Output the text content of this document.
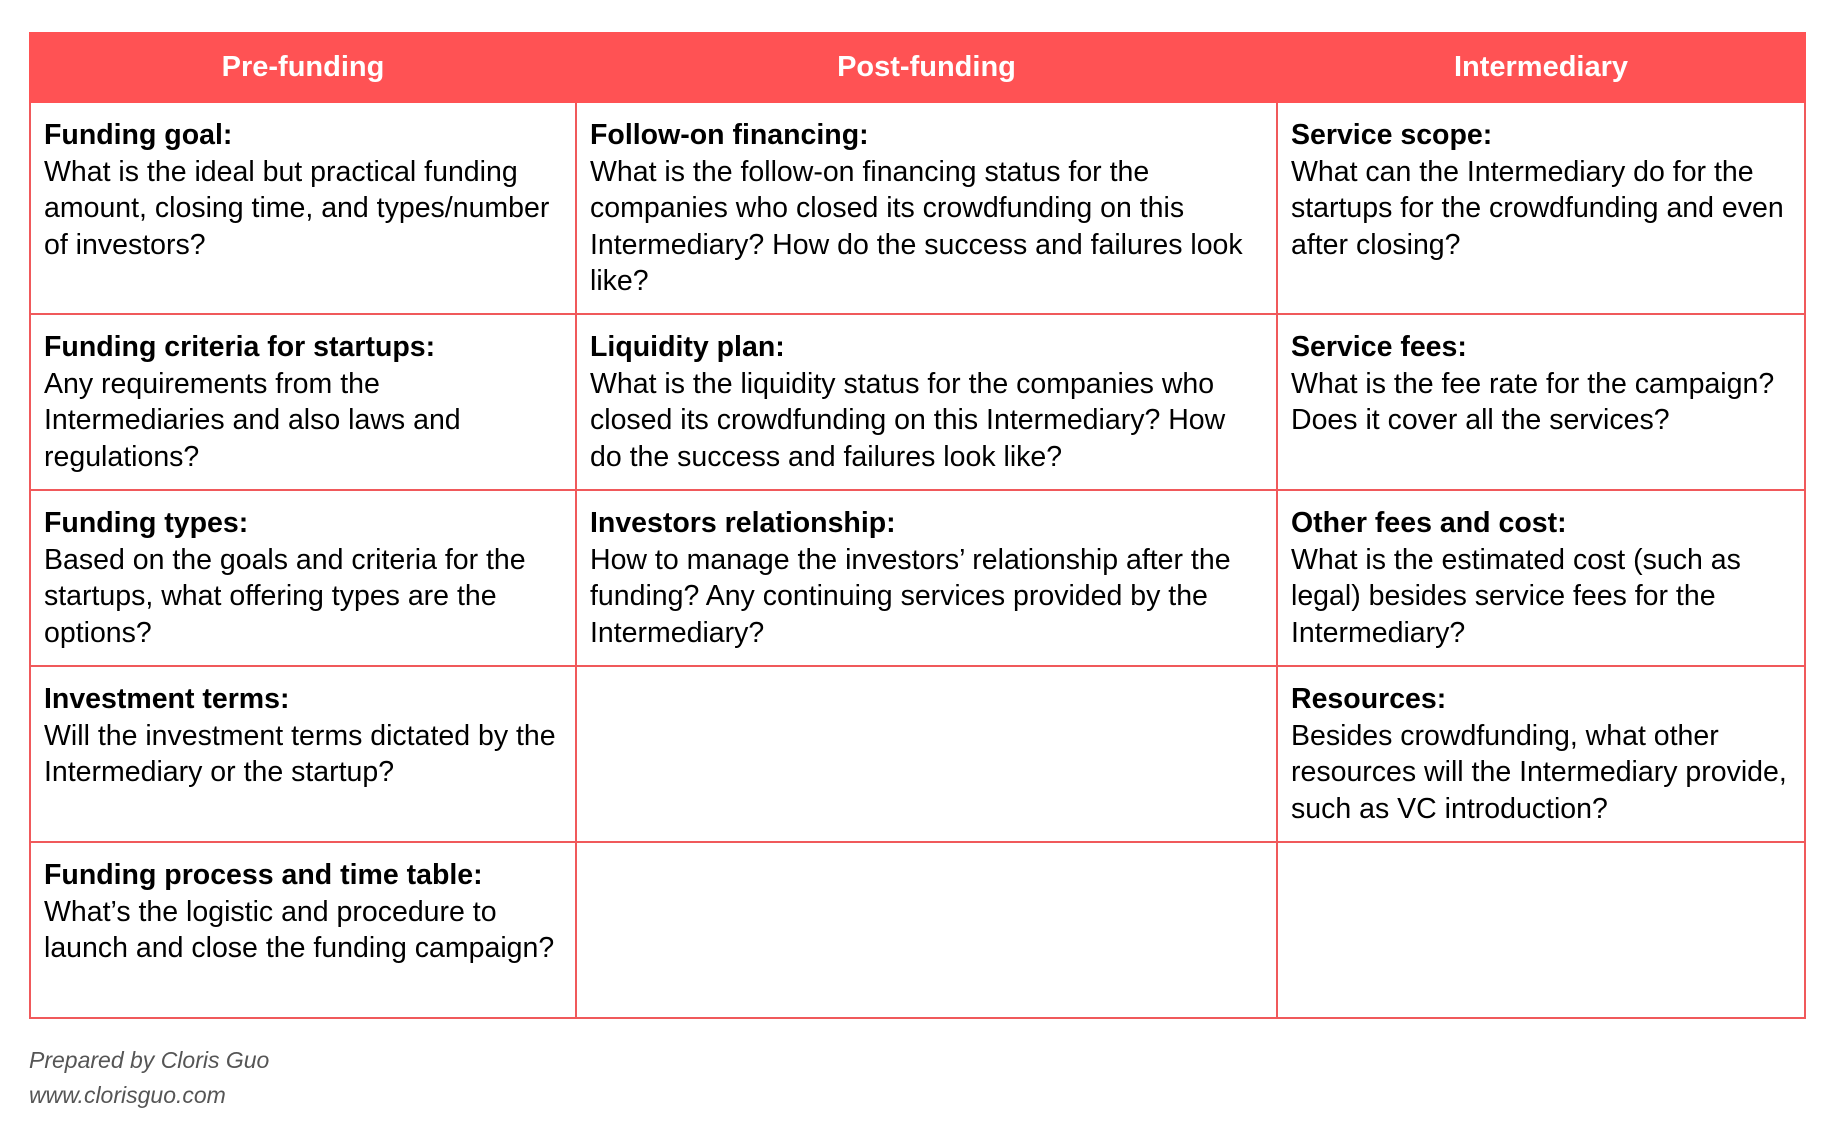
Pre-funding	Post-funding	Intermediary

Funding goal:
What is the ideal but practical funding amount, closing time, and types/number of investors?	Follow-on financing:
What is the follow-on financing status for the companies who closed its crowdfunding on this Intermediary? How do the success and failures look like?	Service scope:
What can the Intermediary do for the startups for the crowdfunding and even after closing?

Funding criteria for startups:
Any requirements from the Intermediaries and also laws and regulations?	Liquidity plan:
What is the liquidity status for the companies who closed its crowdfunding on this Intermediary? How do the success and failures look like?	Service fees:
What is the fee rate for the campaign? Does it cover all the services?

Funding types:
Based on the goals and criteria for the startups, what offering types are the options?	Investors relationship:
How to manage the investors’ relationship after the funding? Any continuing services provided by the Intermediary?	Other fees and cost:
What is the estimated cost (such as legal) besides service fees for the Intermediary?

Investment terms:
Will the investment terms dictated by the Intermediary or the startup?		Resources:
Besides crowdfunding, what other resources will the Intermediary provide, such as VC introduction?

Funding process and time table:
What’s the logistic and procedure to launch and close the funding campaign?		

Prepared by Cloris Guo
www.clorisguo.com
